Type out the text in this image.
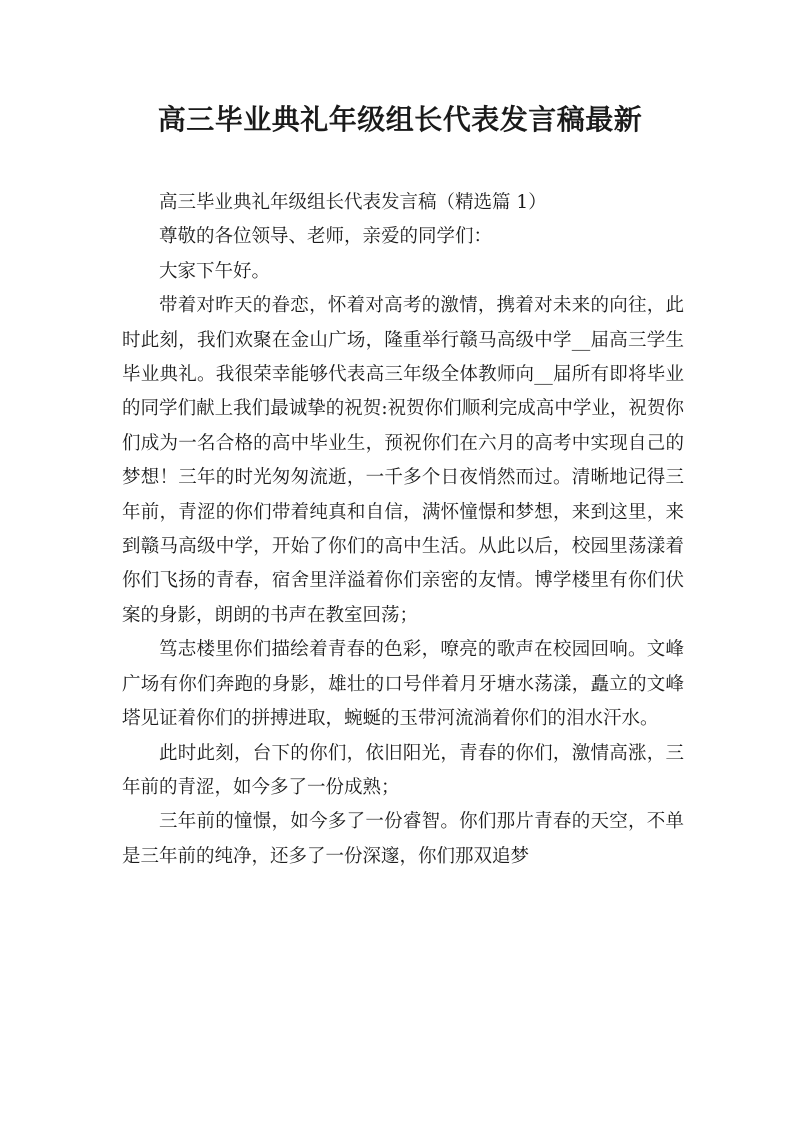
高三毕业典礼年级组长代表发言稿最新

高三毕业典礼年级组长代表发言稿（精选篇 1）

尊敬的各位领导、老师，亲爱的同学们：

大家下午好。

带着对昨天的眷恋，怀着对高考的激情，携着对未来的向往，此时此刻，我们欢聚在金山广场，隆重举行赣马高级中学__届高三学生毕业典礼。我很荣幸能够代表高三年级全体教师向__届所有即将毕业的同学们献上我们最诚挚的祝贺:祝贺你们顺利完成高中学业，祝贺你们成为一名合格的高中毕业生，预祝你们在六月的高考中实现自己的梦想！三年的时光匆匆流逝，一千多个日夜悄然而过。清晰地记得三年前，青涩的你们带着纯真和自信，满怀憧憬和梦想，来到这里，来到赣马高级中学，开始了你们的高中生活。从此以后，校园里荡漾着你们飞扬的青春，宿舍里洋溢着你们亲密的友情。博学楼里有你们伏案的身影，朗朗的书声在教室回荡；

笃志楼里你们描绘着青春的色彩，嘹亮的歌声在校园回响。文峰广场有你们奔跑的身影，雄壮的口号伴着月牙塘水荡漾，矗立的文峰塔见证着你们的拼搏进取，蜿蜒的玉带河流淌着你们的泪水汗水。

此时此刻，台下的你们，依旧阳光，青春的你们，激情高涨，三年前的青涩，如今多了一份成熟；

三年前的憧憬，如今多了一份睿智。你们那片青春的天空，不单是三年前的纯净，还多了一份深邃，你们那双追梦
